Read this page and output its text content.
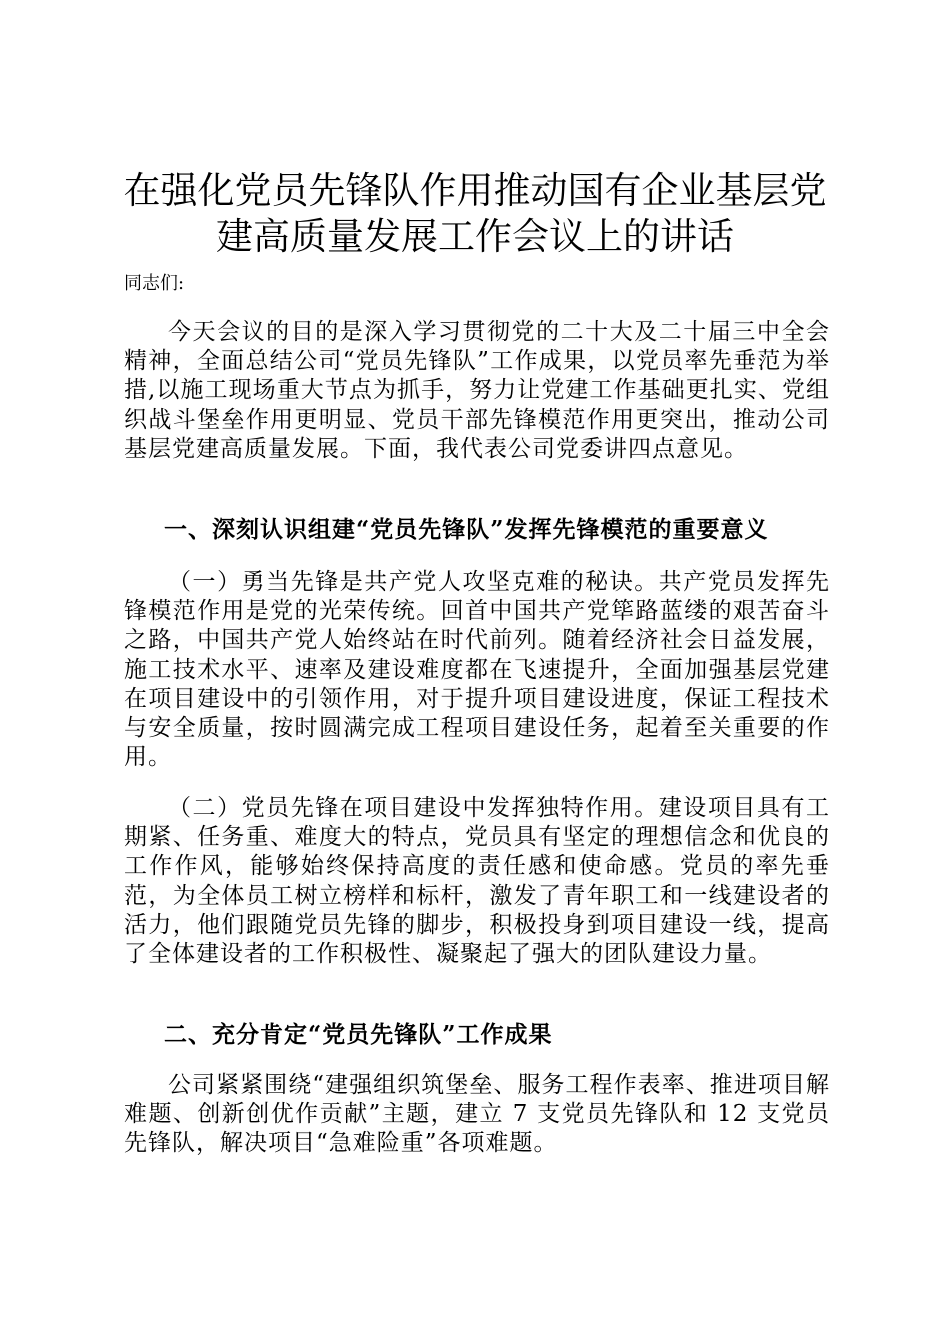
在强化党员先锋队作用推动国有企业基层党建高质量发展工作会议上的讲话

同志们:

今天会议的目的是深入学习贯彻党的二十大及二十届三中全会精神，全面总结公司“党员先锋队”工作成果，以党员率先垂范为举措,以施工现场重大节点为抓手，努力让党建工作基础更扎实、党组织战斗堡垒作用更明显、党员干部先锋模范作用更突出，推动公司基层党建高质量发展。下面，我代表公司党委讲四点意见。

一、深刻认识组建“党员先锋队”发挥先锋模范的重要意义

（一）勇当先锋是共产党人攻坚克难的秘诀。共产党员发挥先锋模范作用是党的光荣传统。回首中国共产党筚路蓝缕的艰苦奋斗之路，中国共产党人始终站在时代前列。随着经济社会日益发展，施工技术水平、速率及建设难度都在飞速提升，全面加强基层党建在项目建设中的引领作用，对于提升项目建设进度，保证工程技术与安全质量，按时圆满完成工程项目建设任务，起着至关重要的作用。

（二）党员先锋在项目建设中发挥独特作用。建设项目具有工期紧、任务重、难度大的特点，党员具有坚定的理想信念和优良的工作作风，能够始终保持高度的责任感和使命感。党员的率先垂范，为全体员工树立榜样和标杆，激发了青年职工和一线建设者的活力，他们跟随党员先锋的脚步，积极投身到项目建设一线，提高了全体建设者的工作积极性、凝聚起了强大的团队建设力量。

二、充分肯定“党员先锋队”工作成果

公司紧紧围绕“建强组织筑堡垒、服务工程作表率、推进项目解难题、创新创优作贡献”主题，建立 7 支党员先锋队和 12 支党员先锋队，解决项目“急难险重”各项难题。
